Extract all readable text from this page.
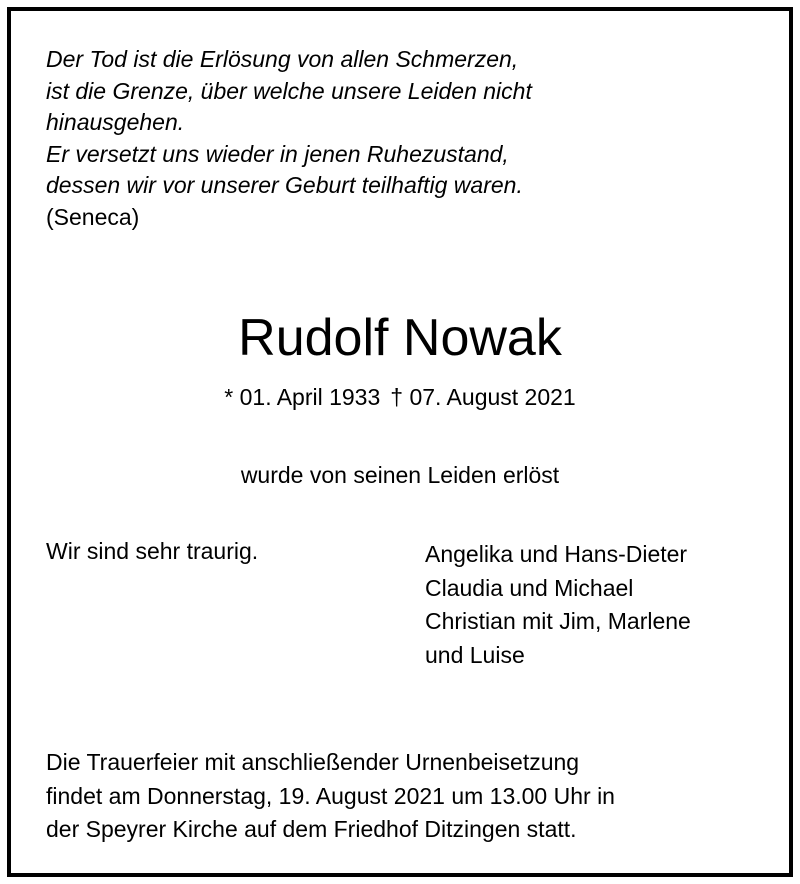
Der Tod ist die Erlösung von allen Schmerzen,
ist die Grenze, über welche unsere Leiden nicht
hinausgehen.
Er versetzt uns wieder in jenen Ruhezustand,
dessen wir vor unserer Geburt teilhaftig waren.
(Seneca)
Rudolf Nowak
* 01. April 1933 † 07. August 2021
wurde von seinen Leiden erlöst
Wir sind sehr traurig.	Angelika und Hans-Dieter
Claudia und Michael
Christian mit Jim, Marlene
und Luise
Die Trauerfeier mit anschließender Urnenbeisetzung
findet am Donnerstag, 19. August 2021 um 13.00 Uhr in
der Speyrer Kirche auf dem Friedhof Ditzingen statt.
